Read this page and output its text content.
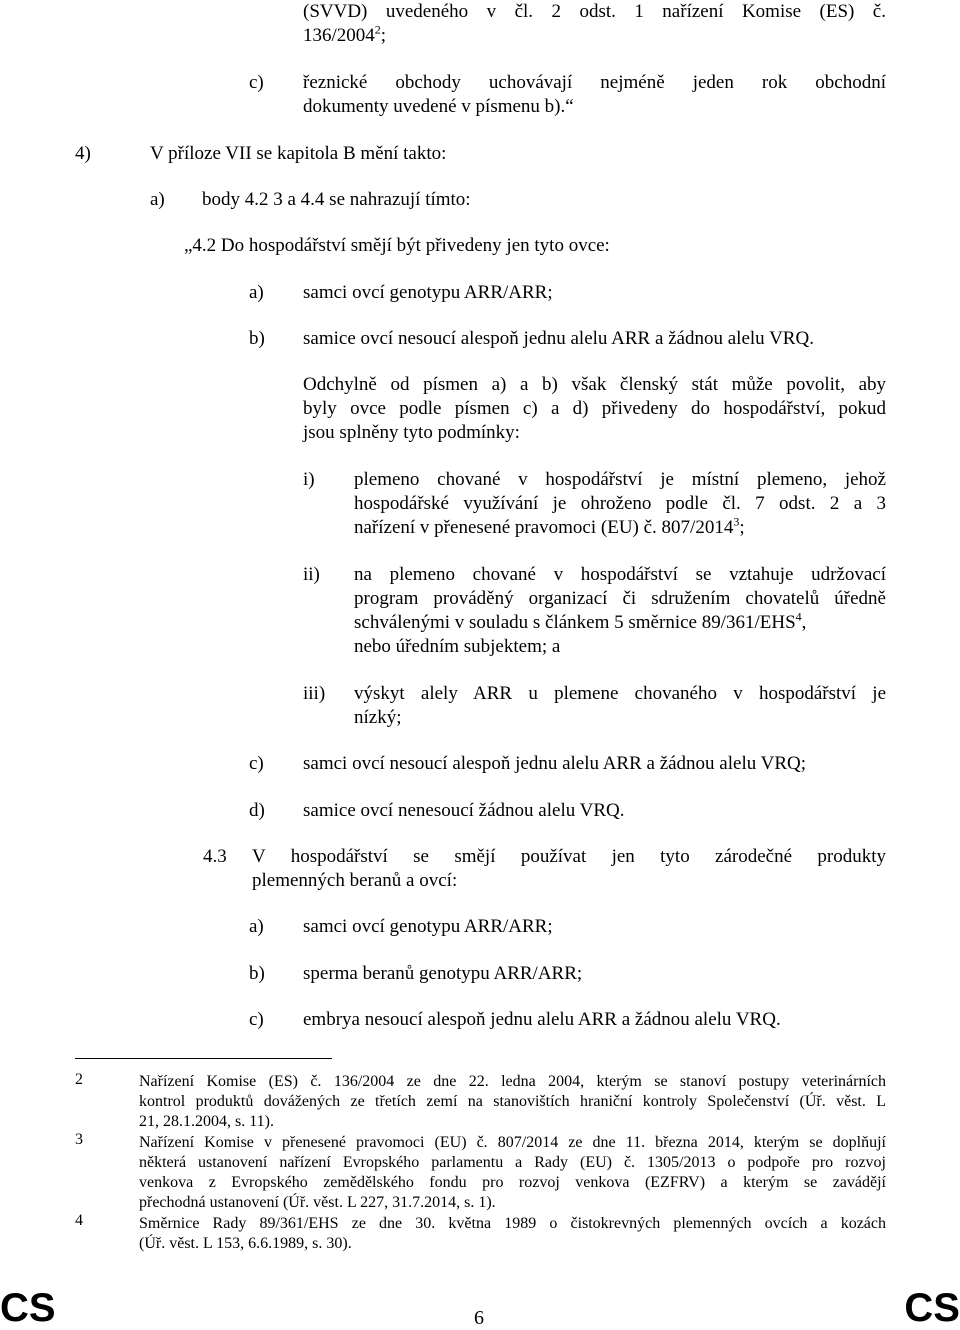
(SVVD) uvedeného v čl. 2 odst. 1 nařízení Komise (ES) č.
136/2004$^2$;
c) řeznické obchody uchovávají nejméně jeden rok obchodní
dokumenty uvedené v písmenu b).“
4)	V příloze VII se kapitola B mění takto:
a) body 4.2 3 a 4.4 se nahrazují tímto:
„4.2 Do hospodářství smějí být přivedeny jen tyto ovce:
a) samci ovcí genotypu ARR/ARR;
b) samice ovcí nesoucí alespoň jednu alelu ARR a žádnou alelu VRQ.
Odchylně od písmen a) a b) však členský stát může povolit, aby
byly ovce podle písmen c) a d) přivedeny do hospodářství, pokud
jsou splněny tyto podmínky:
i) plemeno chované v hospodářství je místní plemeno, jehož
hospodářské využívání je ohroženo podle čl. 7 odst. 2 a 3
nařízení v přenesené pravomoci (EU) č. 807/2014$^3$;
ii) na plemeno chované v hospodářství se vztahuje udržovací
program prováděný organizací či sdružením chovatelů úředně
schválenými v souladu s článkem 5 směrnice 89/361/EHS$^4$,
nebo úředním subjektem; a
iii) výskyt alely ARR u plemene chovaného v hospodářství je
nízký;
c) samci ovcí nesoucí alespoň jednu alelu ARR a žádnou alelu VRQ;
d) samice ovcí nenesoucí žádnou alelu VRQ.
4.3 V hospodářství se smějí používat jen tyto zárodečné produkty
plemenných beranů a ovcí:
a) samci ovcí genotypu ARR/ARR;
b) sperma beranů genotypu ARR/ARR;
c) embrya nesoucí alespoň jednu alelu ARR a žádnou alelu VRQ.
2	Nařízení Komise (ES) č. 136/2004 ze dne 22. ledna 2004, kterým se stanoví postupy veterinárních
kontrol produktů dovážených ze třetích zemí na stanovištích hraniční kontroly Společenství (Úř. věst. L
21, 28.1.2004, s. 11).
3	Nařízení Komise v přenesené pravomoci (EU) č. 807/2014 ze dne 11. března 2014, kterým se doplňují
některá ustanovení nařízení Evropského parlamentu a Rady (EU) č. 1305/2013 o podpoře pro rozvoj
venkova z Evropského zemědělského fondu pro rozvoj venkova (EZFRV) a kterým se zavádějí
přechodná ustanovení (Úř. věst. L 227, 31.7.2014, s. 1).
4	Směrnice Rady 89/361/EHS ze dne 30. května 1989 o čistokrevných plemenných ovcích a kozách
(Úř. věst. L 153, 6.6.1989, s. 30).
CS	6	CS
